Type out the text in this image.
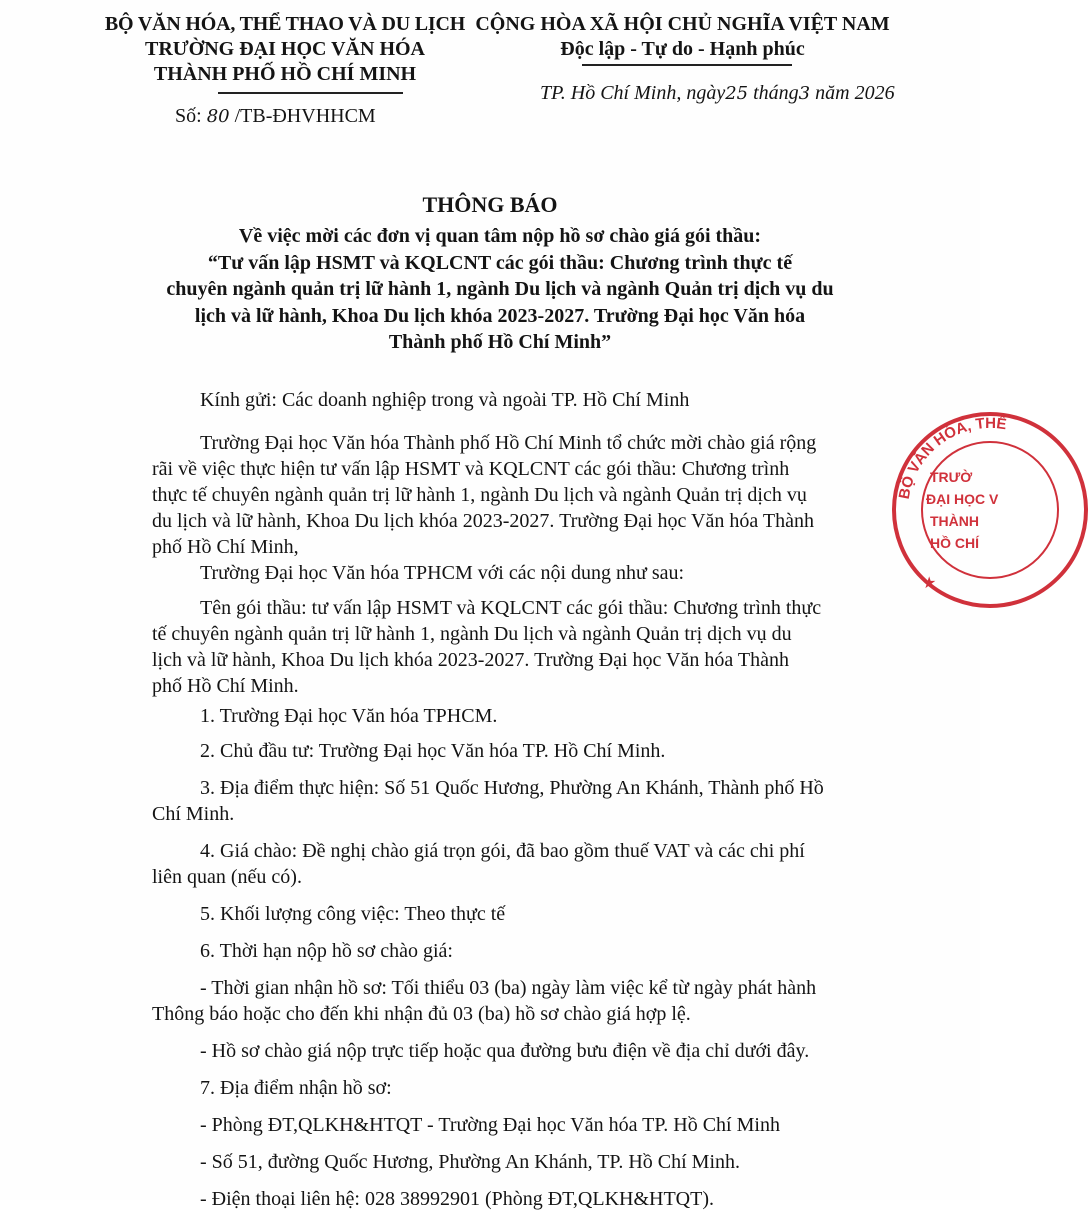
BỘ VĂN HÓA, THỂ THAO VÀ DU LỊCH
TRƯỜNG ĐẠI HỌC VĂN HÓA
THÀNH PHỐ HỒ CHÍ MINH
CỘNG HÒA XÃ HỘI CHỦ NGHĨA VIỆT NAM
Độc lập - Tự do - Hạnh phúc
Số: 80 /TB-ĐHVHHCM
TP. Hồ Chí Minh, ngày25 tháng3 năm 2026
THÔNG BÁO
Về việc mời các đơn vị quan tâm nộp hồ sơ chào giá gói thầu:
“Tư vấn lập HSMT và KQLCNT các gói thầu: Chương trình thực tế
chuyên ngành quản trị lữ hành 1, ngành Du lịch và ngành Quản trị dịch vụ du
lịch và lữ hành, Khoa Du lịch khóa 2023-2027. Trường Đại học Văn hóa
Thành phố Hồ Chí Minh”
Kính gửi: Các doanh nghiệp trong và ngoài TP. Hồ Chí Minh
Trường Đại học Văn hóa Thành phố Hồ Chí Minh tổ chức mời chào giá rộng
rãi về việc thực hiện tư vấn lập HSMT và KQLCNT các gói thầu: Chương trình
thực tế chuyên ngành quản trị lữ hành 1, ngành Du lịch và ngành Quản trị dịch vụ
du lịch và lữ hành, Khoa Du lịch khóa 2023-2027. Trường Đại học Văn hóa Thành
phố Hồ Chí Minh,
Trường Đại học Văn hóa TPHCM với các nội dung như sau:
Tên gói thầu: tư vấn lập HSMT và KQLCNT các gói thầu: Chương trình thực
tế chuyên ngành quản trị lữ hành 1, ngành Du lịch và ngành Quản trị dịch vụ du
lịch và lữ hành, Khoa Du lịch khóa 2023-2027. Trường Đại học Văn hóa Thành
phố Hồ Chí Minh.
1. Trường Đại học Văn hóa TPHCM.
2. Chủ đầu tư: Trường Đại học Văn hóa TP. Hồ Chí Minh.
3. Địa điểm thực hiện: Số 51 Quốc Hương, Phường An Khánh, Thành phố Hồ
Chí Minh.
4. Giá chào: Đề nghị chào giá trọn gói, đã bao gồm thuế VAT và các chi phí
liên quan (nếu có).
5. Khối lượng công việc: Theo thực tế
6. Thời hạn nộp hồ sơ chào giá:
- Thời gian nhận hồ sơ: Tối thiểu 03 (ba) ngày làm việc kể từ ngày phát hành
Thông báo hoặc cho đến khi nhận đủ 03 (ba) hồ sơ chào giá hợp lệ.
- Hồ sơ chào giá nộp trực tiếp hoặc qua đường bưu điện về địa chỉ dưới đây.
7. Địa điểm nhận hồ sơ:
- Phòng ĐT,QLKH&HTQT - Trường Đại học Văn hóa TP. Hồ Chí Minh
- Số 51, đường Quốc Hương, Phường An Khánh, TP. Hồ Chí Minh.
- Điện thoại liên hệ: 028 38992901 (Phòng ĐT,QLKH&HTQT).
BỘ VĂN HÓA, THỂ
TRƯỜ
ĐẠI HỌC V
THÀNH
HỒ CHÍ
★
